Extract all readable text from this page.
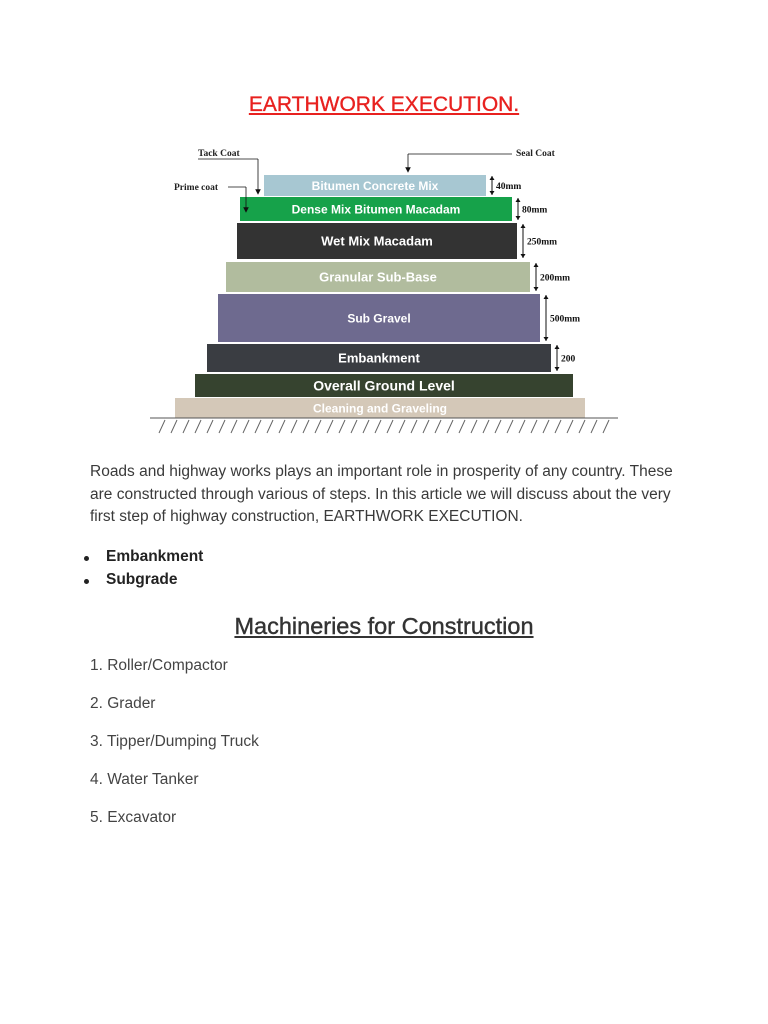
EARTHWORK EXECUTION.
Bitumen Concrete Mix
Dense Mix Bitumen Macadam
Wet Mix Macadam
Granular Sub-Base
Sub Gravel
Embankment
Overall Ground Level
Cleaning and Graveling
40mm
80mm
250mm
200mm
500mm
200
Tack Coat	Seal Coat
Prime coat

Roads and highway works plays an important role in prosperity of any country. These are constructed through various of steps. In this article we will discuss about the very first step of highway construction, EARTHWORK EXECUTION.

Embankment
Subgrade
Machineries for Construction
1. Roller/Compactor
2. Grader
3. Tipper/Dumping Truck
4. Water Tanker
5. Excavator
